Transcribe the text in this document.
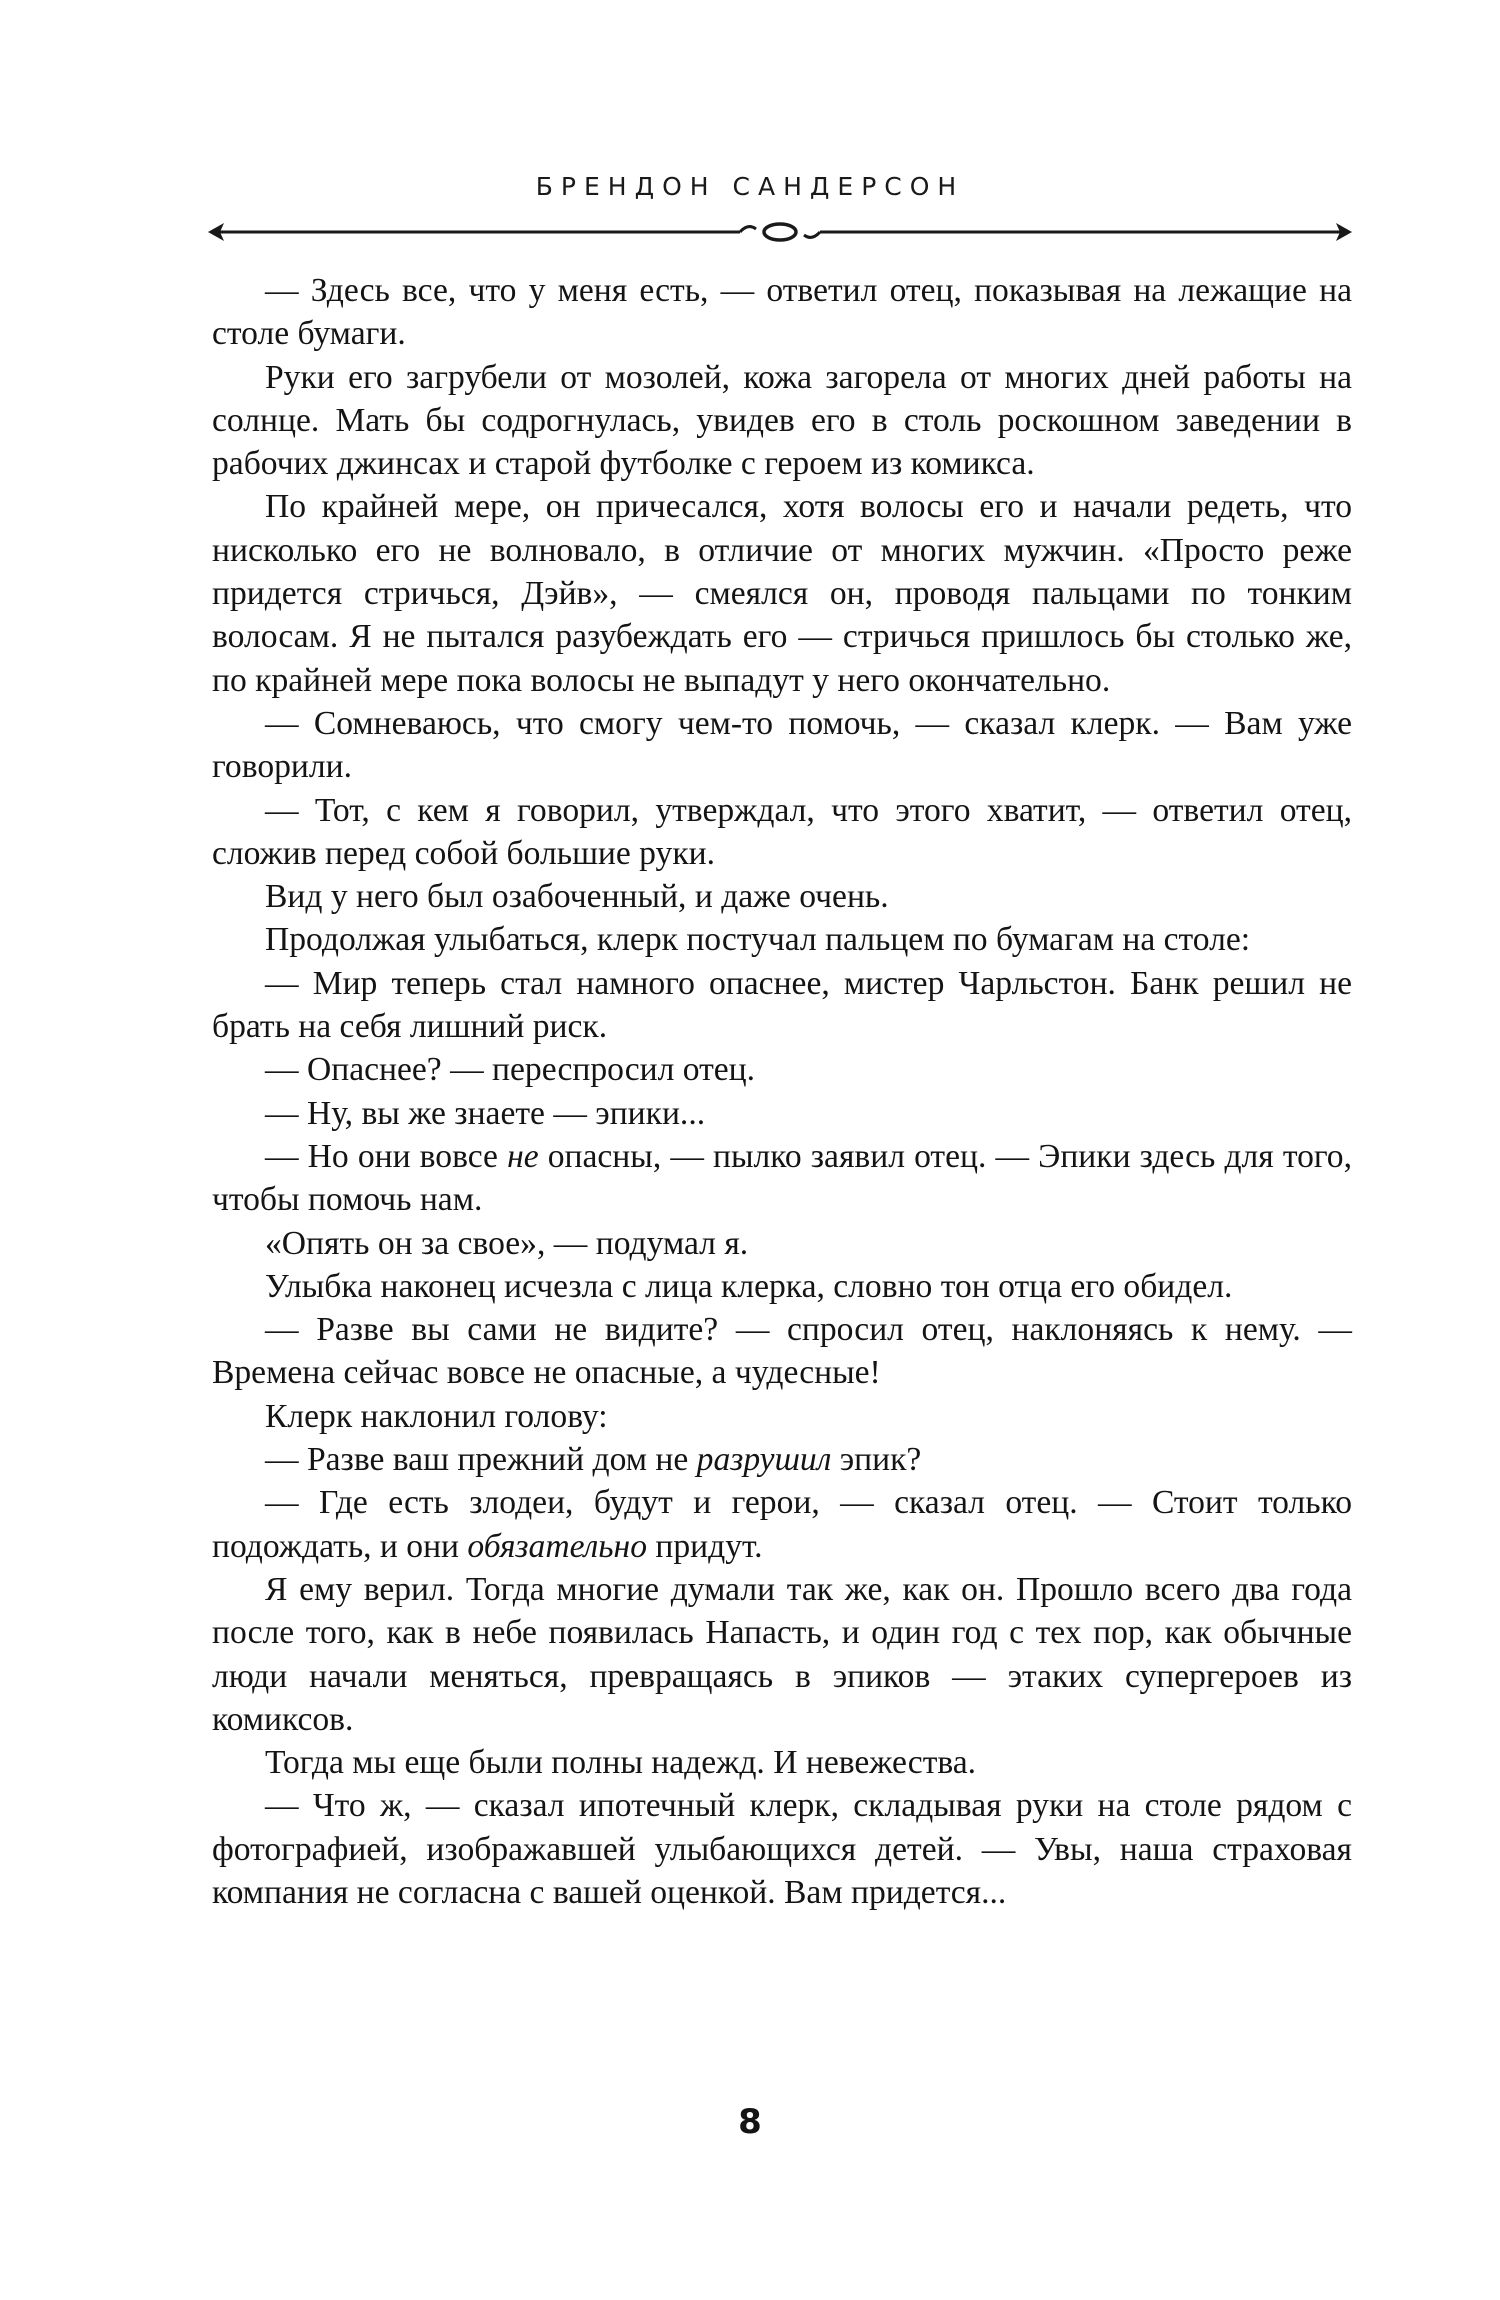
БРЕНДОН САНДЕРСОН

— Здесь все, что у меня есть, — ответил отец, показывая на лежащие на столе бумаги.

Руки его загрубели от мозолей, кожа загорела от многих дней работы на солнце. Мать бы содрогнулась, увидев его в столь роскошном заведении в рабочих джинсах и старой футболке с героем из комикса.

По крайней мере, он причесался, хотя волосы его и начали редеть, что нисколько его не волновало, в отличие от многих мужчин. «Просто реже придется стричься, Дэйв», — смеялся он, проводя пальцами по тонким волосам. Я не пытался разубеждать его — стричься пришлось бы столько же, по крайней мере пока волосы не выпадут у него окончательно.

— Сомневаюсь, что смогу чем-то помочь, — сказал клерк. — Вам уже говорили.

— Тот, с кем я говорил, утверждал, что этого хватит, — ответил отец, сложив перед собой большие руки.

Вид у него был озабоченный, и даже очень.

Продолжая улыбаться, клерк постучал пальцем по бумагам на столе:

— Мир теперь стал намного опаснее, мистер Чарльстон. Банк решил не брать на себя лишний риск.

— Опаснее? — переспросил отец.

— Ну, вы же знаете — эпики...

— Но они вовсе не опасны, — пылко заявил отец. — Эпики здесь для того, чтобы помочь нам.

«Опять он за свое», — подумал я.

Улыбка наконец исчезла с лица клерка, словно тон отца его обидел.

— Разве вы сами не видите? — спросил отец, наклоняясь к нему. — Времена сейчас вовсе не опасные, а чудесные!

Клерк наклонил голову:

— Разве ваш прежний дом не разрушил эпик?

— Где есть злодеи, будут и герои, — сказал отец. — Стоит только подождать, и они обязательно придут.

Я ему верил. Тогда многие думали так же, как он. Прошло всего два года после того, как в небе появилась Напасть, и один год с тех пор, как обычные люди начали меняться, превращаясь в эпиков — этаких супергероев из комиксов.

Тогда мы еще были полны надежд. И невежества.

— Что ж, — сказал ипотечный клерк, складывая руки на столе рядом с фотографией, изображавшей улыбающихся детей. — Увы, наша страховая компания не согласна с вашей оценкой. Вам придется...

8
